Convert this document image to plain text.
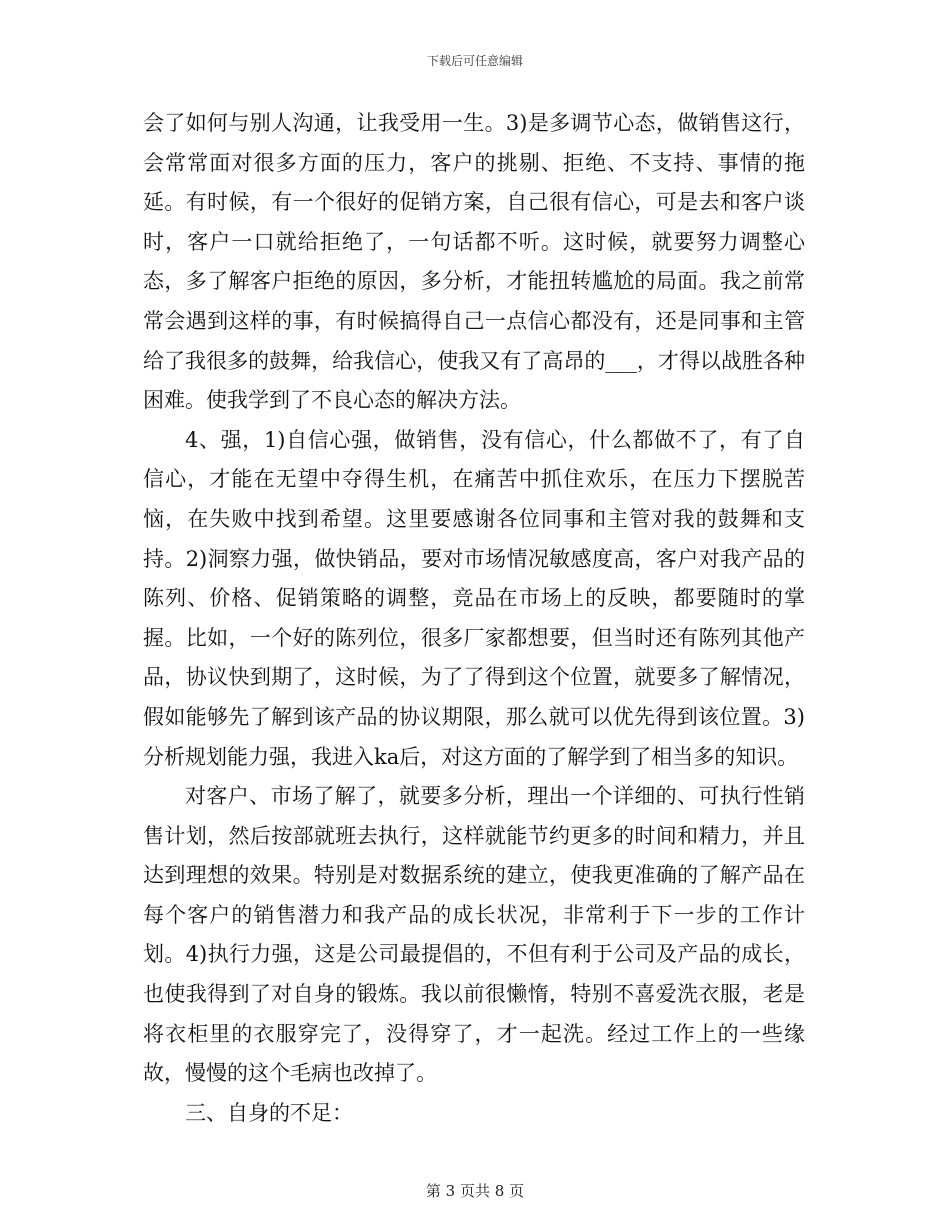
下载后可任意编辑

会了如何与别人沟通，让我受用一生。3)是多调节心态，做销售这行，会常常面对很多方面的压力，客户的挑剔、拒绝、不支持、事情的拖延。有时候，有一个很好的促销方案，自己很有信心，可是去和客户谈时，客户一口就给拒绝了，一句话都不听。这时候，就要努力调整心态，多了解客户拒绝的原因，多分析，才能扭转尴尬的局面。我之前常常会遇到这样的事，有时候搞得自己一点信心都没有，还是同事和主管给了我很多的鼓舞，给我信心，使我又有了高昂的___，才得以战胜各种困难。使我学到了不良心态的解决方法。

4、强，1)自信心强，做销售，没有信心，什么都做不了，有了自信心，才能在无望中夺得生机，在痛苦中抓住欢乐，在压力下摆脱苦恼，在失败中找到希望。这里要感谢各位同事和主管对我的鼓舞和支持。2)洞察力强，做快销品，要对市场情况敏感度高，客户对我产品的陈列、价格、促销策略的调整，竞品在市场上的反映，都要随时的掌握。比如，一个好的陈列位，很多厂家都想要，但当时还有陈列其他产品，协议快到期了，这时候，为了了得到这个位置，就要多了解情况，假如能够先了解到该产品的协议期限，那么就可以优先得到该位置。3)分析规划能力强，我进入ka后，对这方面的了解学到了相当多的知识。

对客户、市场了解了，就要多分析，理出一个详细的、可执行性销售计划，然后按部就班去执行，这样就能节约更多的时间和精力，并且达到理想的效果。特别是对数据系统的建立，使我更准确的了解产品在每个客户的销售潜力和我产品的成长状况，非常利于下一步的工作计划。4)执行力强，这是公司最提倡的，不但有利于公司及产品的成长，也使我得到了对自身的锻炼。我以前很懒惰，特别不喜爱洗衣服，老是将衣柜里的衣服穿完了，没得穿了，才一起洗。经过工作上的一些缘故，慢慢的这个毛病也改掉了。

三、自身的不足：

第 3 页共 8 页
